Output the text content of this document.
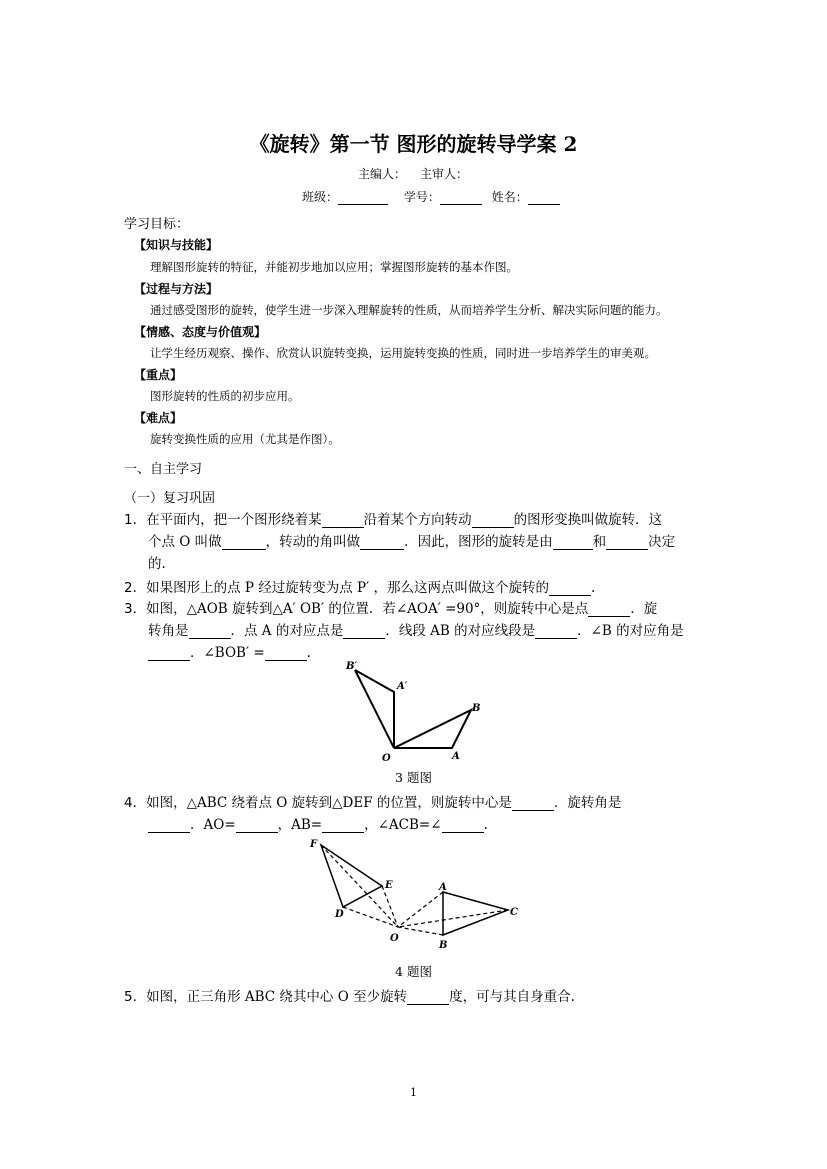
《旋转》第一节 图形的旋转导学案 2
主编人： 主审人：
班级：	学号：	姓名：
学习目标：
【知识与技能】
理解图形旋转的特征，并能初步地加以应用；掌握图形旋转的基本作图。
【过程与方法】
通过感受图形的旋转，使学生进一步深入理解旋转的性质，从而培养学生分析、解决实际问题的能力。
【情感、态度与价值观】
让学生经历观察、操作、欣赏认识旋转变换，运用旋转变换的性质，同时进一步培养学生的审美观。
【重点】
图形旋转的性质的初步应用。
【难点】
旋转变换性质的应用（尤其是作图）。
一、自主学习
（一）复习巩固
1．在平面内，把一个图形绕着某	沿着某个方向转动	的图形变换叫做旋转．这
个点 O 叫做	，转动的角叫做	．因此，图形的旋转是由	和	决定
的.
2．如果图形上的点 P 经过旋转变为点 P′ ，那么这两点叫做这个旋转的	.
3．如图，△AOB 旋转到△A′ OB′ 的位置．若∠AOA′ =90°，则旋转中心是点	．旋
转角是	．点 A 的对应点是	．线段 AB 的对应线段是	．∠B 的对应角是
．∠BOB′ =	.
B′
A′
B
O	A
3 题图
4．如图，△ABC 绕着点 O 旋转到△DEF 的位置，则旋转中心是	．旋转角是
．AO=	，AB=	，∠ACB=∠	.
F
E
D
O
A
C
B
4 题图
5．如图，正三角形 ABC 绕其中心 O 至少旋转	度，可与其自身重合.
1
